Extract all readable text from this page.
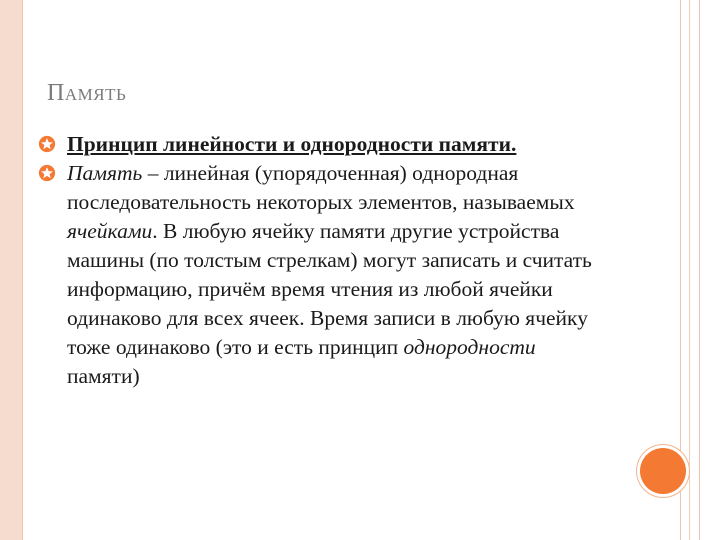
Память

Принцип линейности и однородности памяти.

Память – линейная (упорядоченная) однородная последовательность некоторых элементов, называемых ячейками. В любую ячейку памяти другие устройства машины (по толстым стрелкам) могут записать и считать информацию, причём время чтения из любой ячейки одинаково для всех ячеек. Время записи в любую ячейку тоже одинаково (это и есть принцип однородности памяти)
